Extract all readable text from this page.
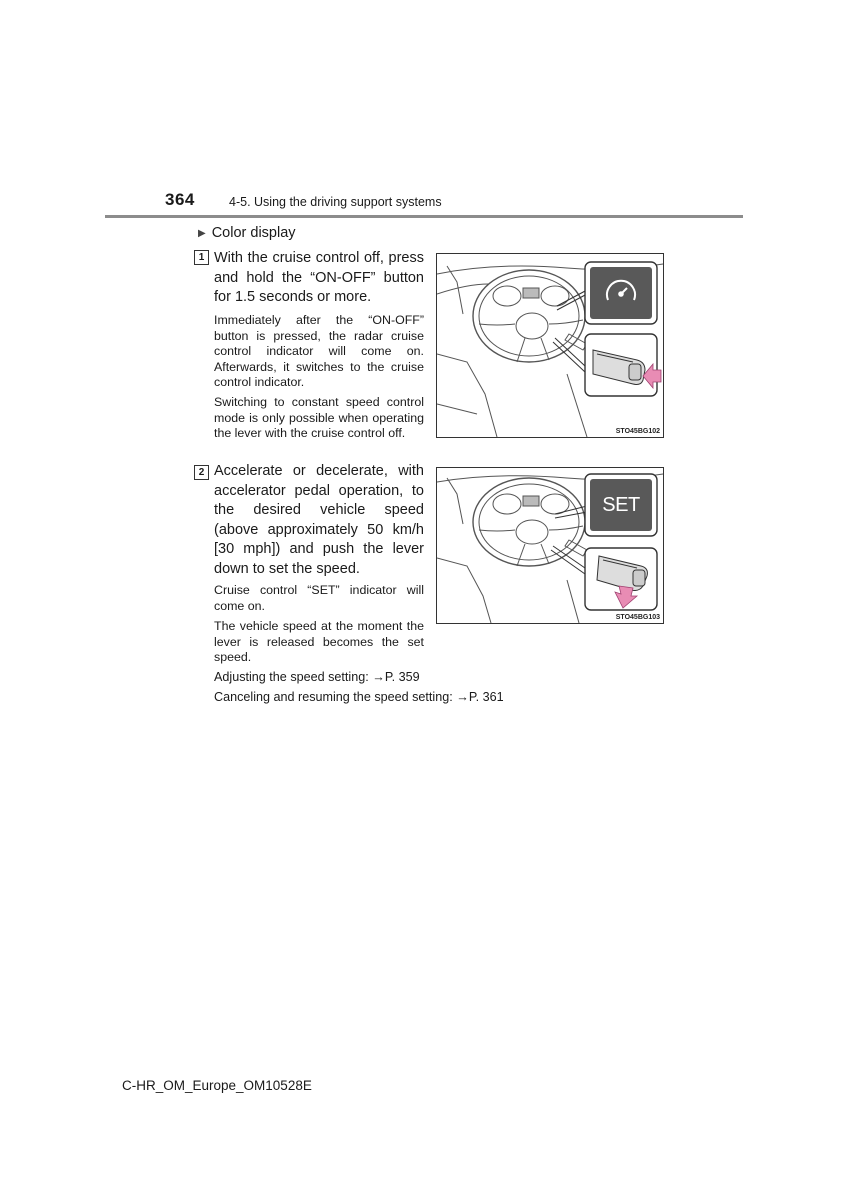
364	4-5. Using the driving support systems
▶ Color display
1 With the cruise control off, press and hold the “ON-OFF” button for 1.5 seconds or more.
Immediately after the “ON-OFF” button is pressed, the radar cruise control indicator will come on. Afterwards, it switches to the cruise control indicator.
Switching to constant speed control mode is only possible when operating the lever with the cruise control off.	STO45BG102
2 Accelerate or decelerate, with accelerator pedal operation, to the desired vehicle speed (above approximately 50 km/h [30 mph]) and push the lever down to set the speed.
Cruise control “SET” indicator will come on.
The vehicle speed at the moment the lever is released becomes the set speed.
SET
STO45BG103
Adjusting the speed setting: →P. 359
Canceling and resuming the speed setting: →P. 361
C-HR_OM_Europe_OM10528E
